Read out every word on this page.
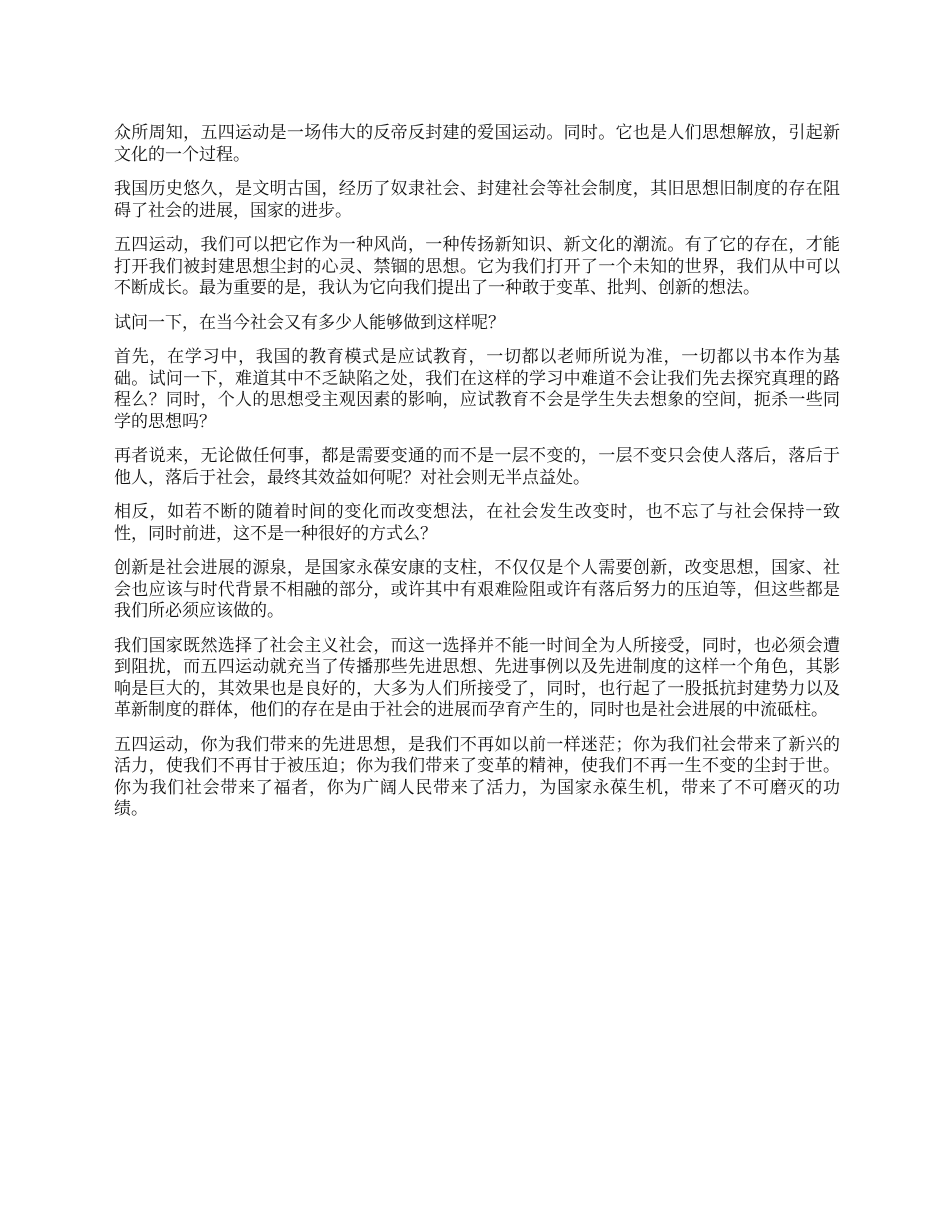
众所周知，五四运动是一场伟大的反帝反封建的爱国运动。同时。它也是人们思想解放，引起新文化的一个过程。

我国历史悠久，是文明古国，经历了奴隶社会、封建社会等社会制度，其旧思想旧制度的存在阻碍了社会的进展，国家的进步。

五四运动，我们可以把它作为一种风尚，一种传扬新知识、新文化的潮流。有了它的存在，才能打开我们被封建思想尘封的心灵、禁锢的思想。它为我们打开了一个未知的世界，我们从中可以不断成长。最为重要的是，我认为它向我们提出了一种敢于变革、批判、创新的想法。

试问一下，在当今社会又有多少人能够做到这样呢？

首先，在学习中，我国的教育模式是应试教育，一切都以老师所说为准，一切都以书本作为基础。试问一下，难道其中不乏缺陷之处，我们在这样的学习中难道不会让我们先去探究真理的路程么？同时，个人的思想受主观因素的影响，应试教育不会是学生失去想象的空间，扼杀一些同学的思想吗？

再者说来，无论做任何事，都是需要变通的而不是一层不变的，一层不变只会使人落后，落后于他人，落后于社会，最终其效益如何呢？对社会则无半点益处。

相反，如若不断的随着时间的变化而改变想法，在社会发生改变时，也不忘了与社会保持一致性，同时前进，这不是一种很好的方式么？

创新是社会进展的源泉，是国家永葆安康的支柱，不仅仅是个人需要创新，改变思想，国家、社会也应该与时代背景不相融的部分，或许其中有艰难险阻或许有落后努力的压迫等，但这些都是我们所必须应该做的。

我们国家既然选择了社会主义社会，而这一选择并不能一时间全为人所接受，同时，也必须会遭到阻扰，而五四运动就充当了传播那些先进思想、先进事例以及先进制度的这样一个角色，其影响是巨大的，其效果也是良好的，大多为人们所接受了，同时，也行起了一股抵抗封建势力以及革新制度的群体，他们的存在是由于社会的进展而孕育产生的，同时也是社会进展的中流砥柱。

五四运动，你为我们带来的先进思想，是我们不再如以前一样迷茫；你为我们社会带来了新兴的活力，使我们不再甘于被压迫；你为我们带来了变革的精神，使我们不再一生不变的尘封于世。你为我们社会带来了福者，你为广阔人民带来了活力，为国家永葆生机，带来了不可磨灭的功绩。
